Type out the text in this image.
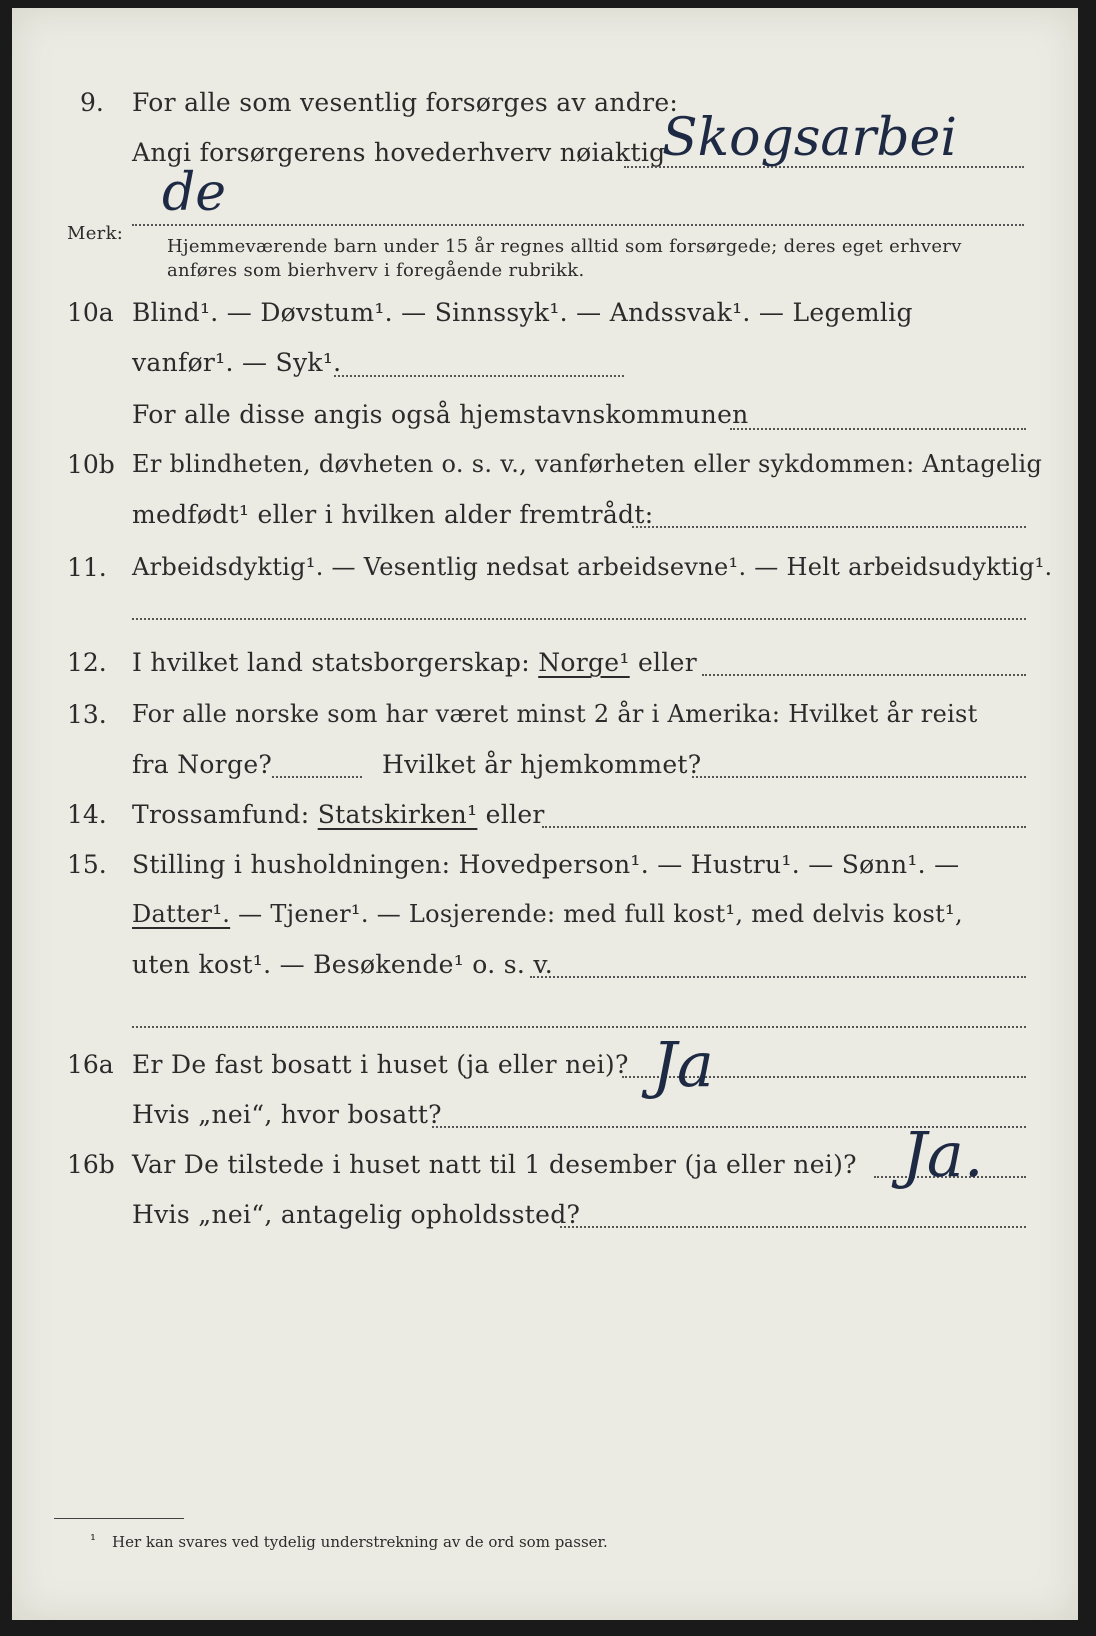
9. For alle som vesentlig forsørges av andre:
Angi forsørgerens hovederhverv nøiaktig
Skogsarbei
de
Merk:
Hjemmeværende barn under 15 år regnes alltid som forsørgede; deres eget erhverv
anføres som bierhverv i foregående rubrikk.
10a Blind¹. — Døvstum¹. — Sinnssyk¹. — Andssvak¹. — Legemlig
vanfør¹. — Syk¹.
For alle disse angis også hjemstavnskommunen
10b Er blindheten, døvheten o. s. v., vanførheten eller sykdommen: Antagelig
medfødt¹ eller i hvilken alder fremtrådt:
11. Arbeidsdyktig¹. — Vesentlig nedsat arbeidsevne¹. — Helt arbeidsudyktig¹.
12. I hvilket land statsborgerskap: Norge¹ eller
13. For alle norske som har været minst 2 år i Amerika: Hvilket år reist
fra Norge?	Hvilket år hjemkommet?
14. Trossamfund: Statskirken¹ eller
15. Stilling i husholdningen: Hovedperson¹. — Hustru¹. — Sønn¹. —
Datter¹. — Tjener¹. — Losjerende: med full kost¹, med delvis kost¹,
uten kost¹. — Besøkende¹ o. s. v.
16a Er De fast bosatt i huset (ja eller nei)? Ja
Hvis „nei“, hvor bosatt?
16b Var De tilstede i huset natt til 1 desember (ja eller nei)? Ja.
Hvis „nei“, antagelig opholdssted?
¹ Her kan svares ved tydelig understrekning av de ord som passer.
